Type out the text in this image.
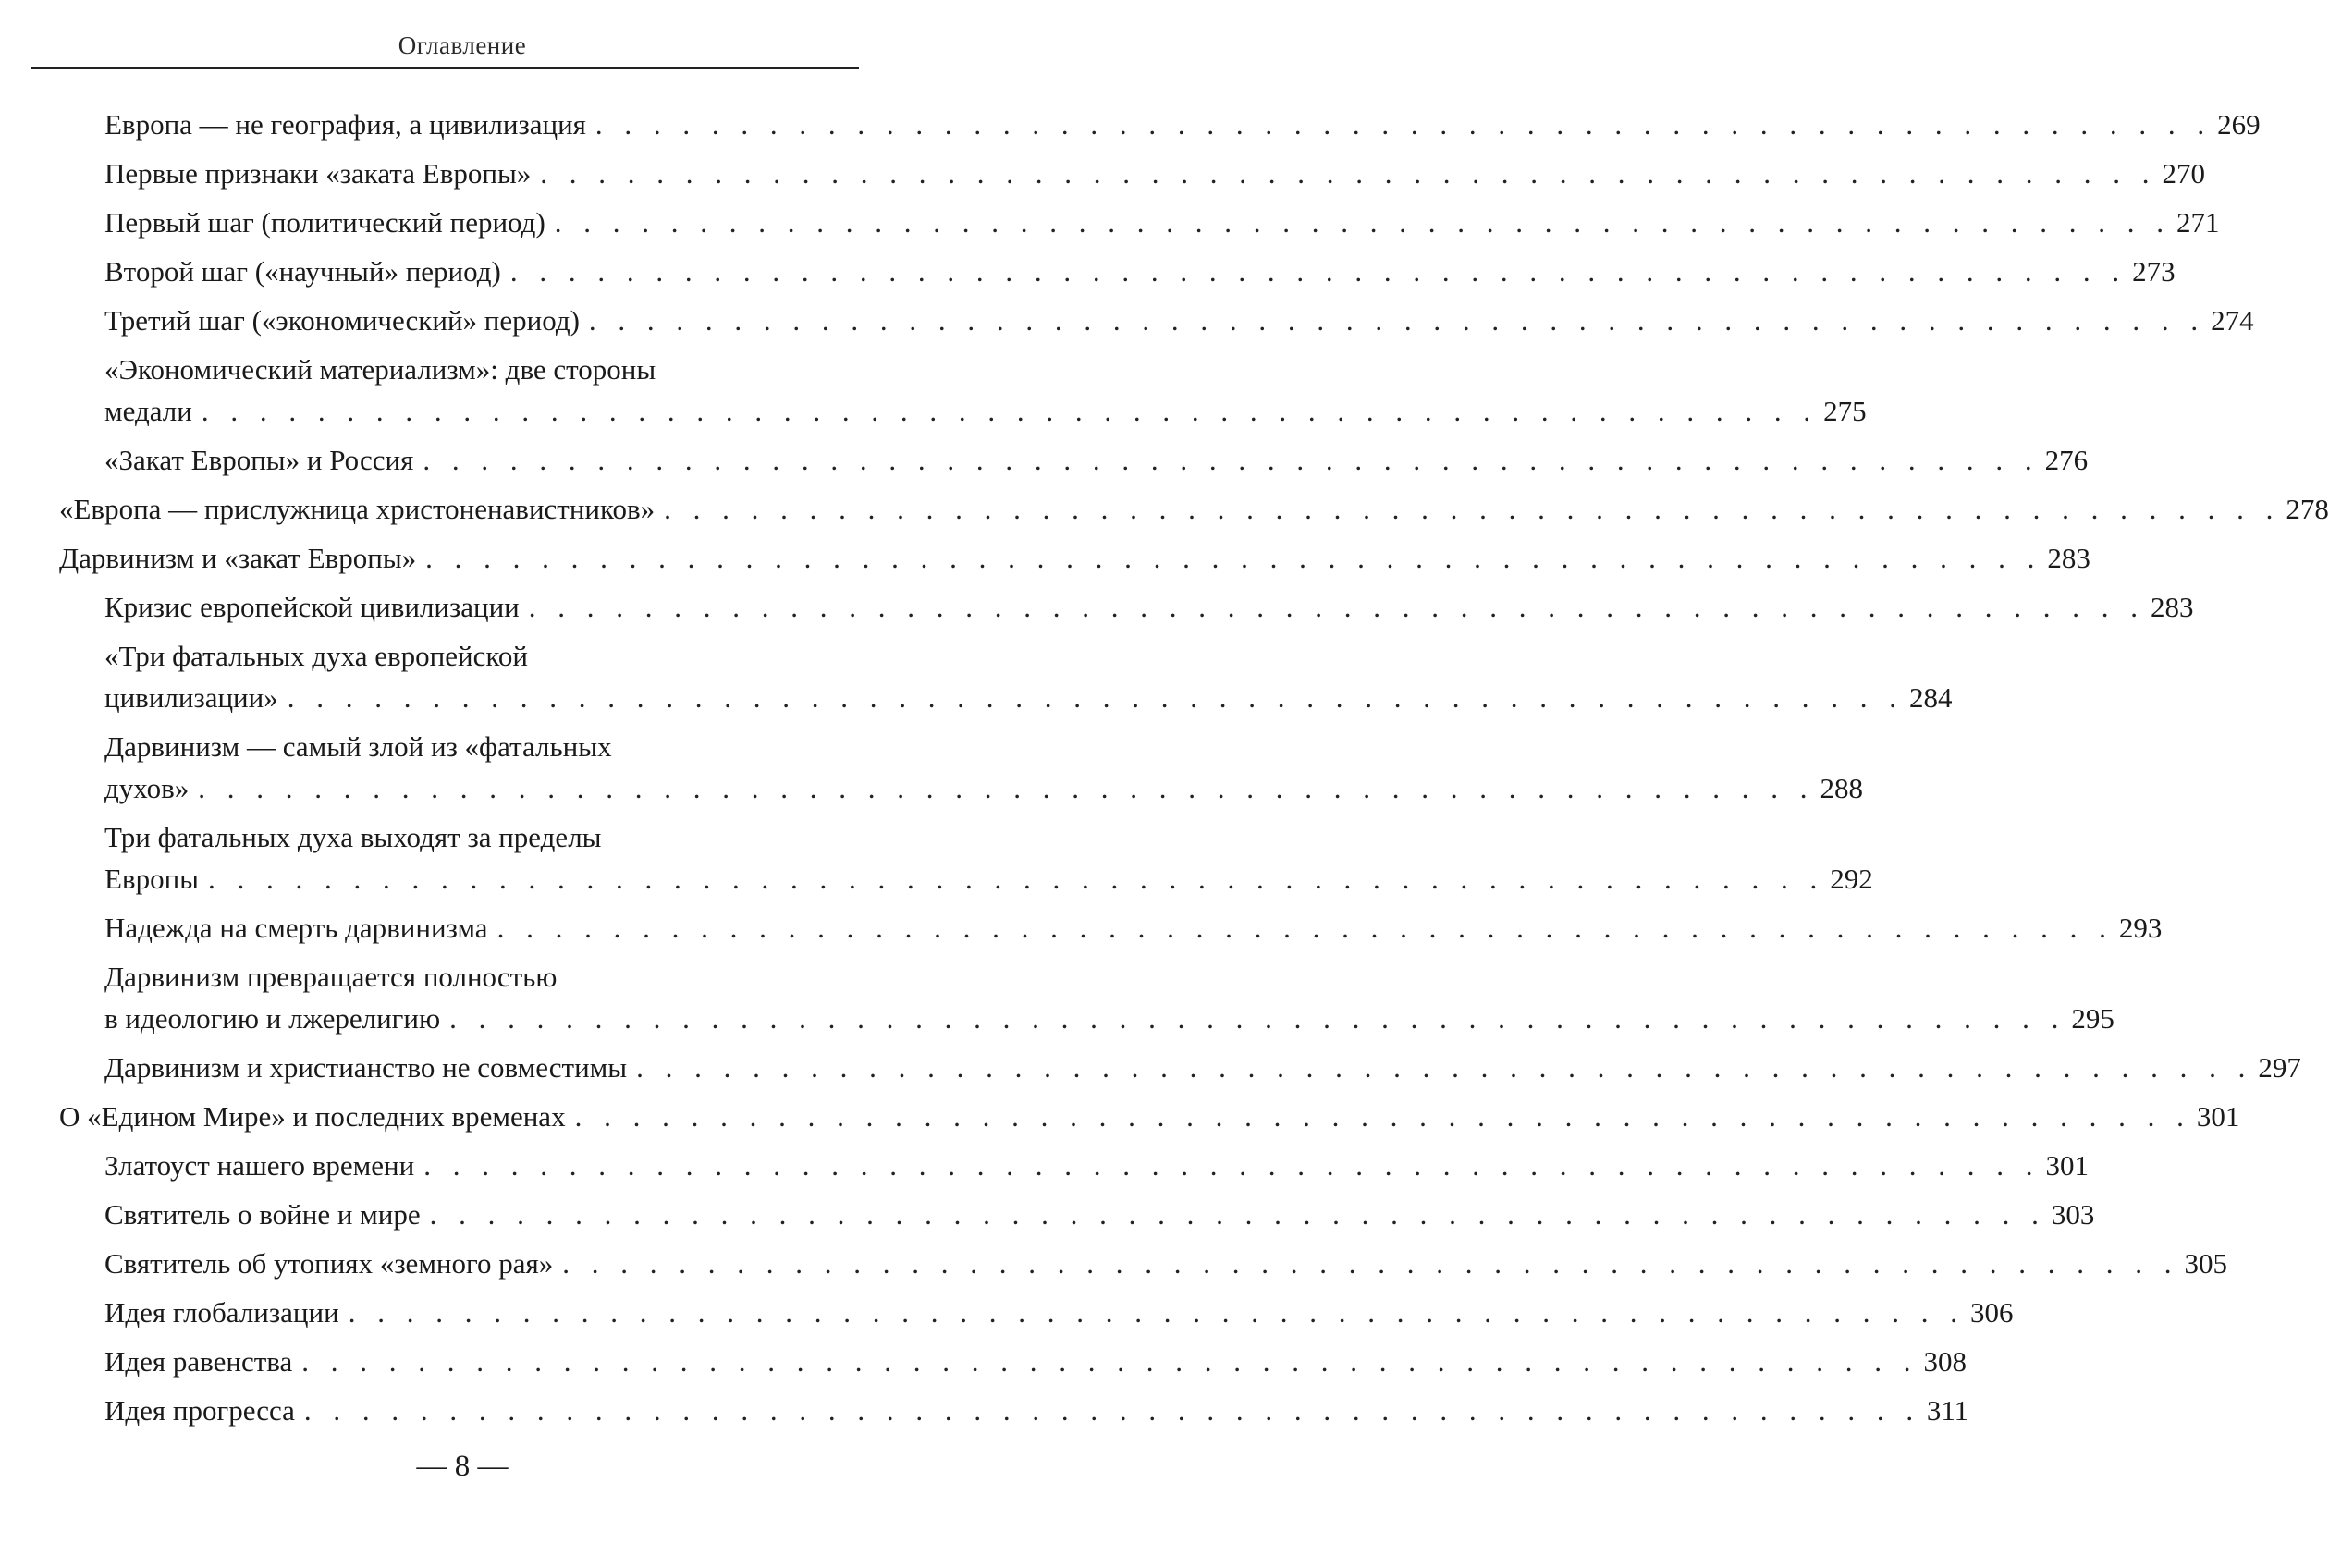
Оглавление
Европа — не география, а цивилизация . . . . . . . . . . . . . . . . . . . . . . . . . . . . . . . . . . . . . . . . . . . . . . . . . . . . . . . . 269
Первые признаки «заката Европы» . . . . . . . . . . . . . . . . . . . . . . . . . . . . . . . . . . . . . . . . . . . . . . . . . . . . . . . . 270
Первый шаг (политический период) . . . . . . . . . . . . . . . . . . . . . . . . . . . . . . . . . . . . . . . . . . . . . . . . . . . . . . . . 271
Второй шаг («научный» период) . . . . . . . . . . . . . . . . . . . . . . . . . . . . . . . . . . . . . . . . . . . . . . . . . . . . . . . . 273
Третий шаг («экономический» период) . . . . . . . . . . . . . . . . . . . . . . . . . . . . . . . . . . . . . . . . . . . . . . . . . . . . . . . . 274
«Экономический материализм»: две стороны
медали . . . . . . . . . . . . . . . . . . . . . . . . . . . . . . . . . . . . . . . . . . . . . . . . . . . . . . . . 275
«Закат Европы» и Россия . . . . . . . . . . . . . . . . . . . . . . . . . . . . . . . . . . . . . . . . . . . . . . . . . . . . . . . . 276
«Европа — прислужница христоненавистников» . . . . . . . . . . . . . . . . . . . . . . . . . . . . . . . . . . . . . . . . . . . . . . . . . . . . . . . . 278
Дарвинизм и «закат Европы» . . . . . . . . . . . . . . . . . . . . . . . . . . . . . . . . . . . . . . . . . . . . . . . . . . . . . . . . 283
Кризис европейской цивилизации . . . . . . . . . . . . . . . . . . . . . . . . . . . . . . . . . . . . . . . . . . . . . . . . . . . . . . . . 283
«Три фатальных духа европейской
цивилизации» . . . . . . . . . . . . . . . . . . . . . . . . . . . . . . . . . . . . . . . . . . . . . . . . . . . . . . . . 284
Дарвинизм — самый злой из «фатальных
духов» . . . . . . . . . . . . . . . . . . . . . . . . . . . . . . . . . . . . . . . . . . . . . . . . . . . . . . . . 288
Три фатальных духа выходят за пределы
Европы . . . . . . . . . . . . . . . . . . . . . . . . . . . . . . . . . . . . . . . . . . . . . . . . . . . . . . . . 292
Надежда на смерть дарвинизма . . . . . . . . . . . . . . . . . . . . . . . . . . . . . . . . . . . . . . . . . . . . . . . . . . . . . . . . 293
Дарвинизм превращается полностью
в идеологию и лжерелигию . . . . . . . . . . . . . . . . . . . . . . . . . . . . . . . . . . . . . . . . . . . . . . . . . . . . . . . . 295
Дарвинизм и христианство не совместимы . . . . . . . . . . . . . . . . . . . . . . . . . . . . . . . . . . . . . . . . . . . . . . . . . . . . . . . . 297
О «Едином Мире» и последних временах . . . . . . . . . . . . . . . . . . . . . . . . . . . . . . . . . . . . . . . . . . . . . . . . . . . . . . . . 301
Златоуст нашего времени . . . . . . . . . . . . . . . . . . . . . . . . . . . . . . . . . . . . . . . . . . . . . . . . . . . . . . . . 301
Святитель о войне и мире . . . . . . . . . . . . . . . . . . . . . . . . . . . . . . . . . . . . . . . . . . . . . . . . . . . . . . . . 303
Святитель об утопиях «земного рая» . . . . . . . . . . . . . . . . . . . . . . . . . . . . . . . . . . . . . . . . . . . . . . . . . . . . . . . . 305
Идея глобализации . . . . . . . . . . . . . . . . . . . . . . . . . . . . . . . . . . . . . . . . . . . . . . . . . . . . . . . . 306
Идея равенства . . . . . . . . . . . . . . . . . . . . . . . . . . . . . . . . . . . . . . . . . . . . . . . . . . . . . . . . 308
Идея прогресса . . . . . . . . . . . . . . . . . . . . . . . . . . . . . . . . . . . . . . . . . . . . . . . . . . . . . . . . 311
— 8 —
